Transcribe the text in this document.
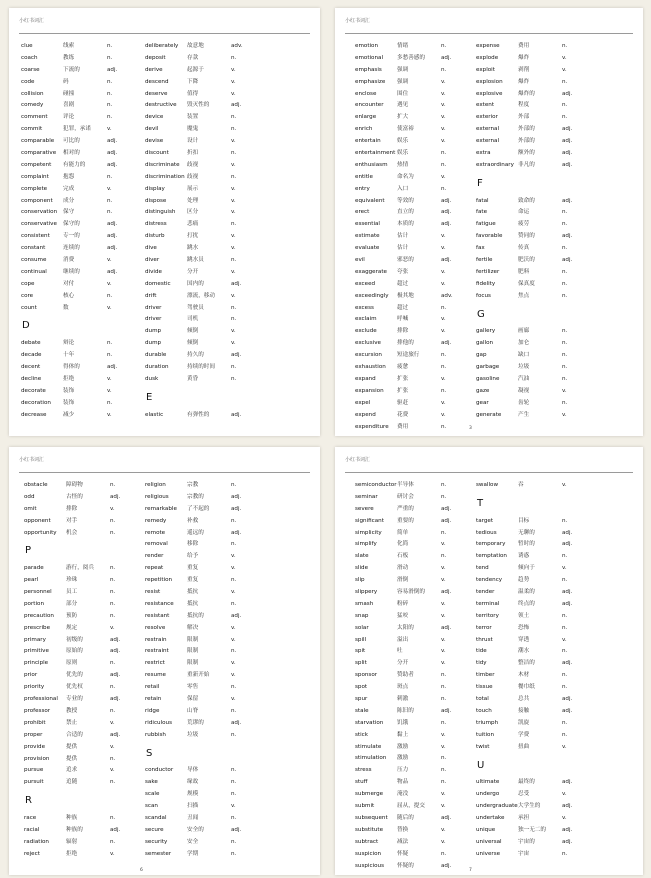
小红书词汇
clue	线索	n.
coach	教练	n.
coarse	下流的	adj.
code	码	n.
collision	碰撞	n.
comedy	喜剧	n.
comment	评论	n.
commit	犯罪，承诺	v.
comparable 可比的	adj.
comparative 相对的	adj.
competent 有能力的	adj.
complaint	抱怨	n.
complete	完成	v.
component 成分	n.
conservation 保守	n.
conservative 保守的	adj.
consistent 专一的	adj.
constant	连续的	adj.
consume	消费	v.
continual	继续的	adj.
cope	对付	v.
core	核心	n.
count	数	v.
D
debate	辩论	n.
decade	十年	n.
decent	得体的	adj.
decline	拒绝	v.
decorate	装饰	v.
decoration 装饰	n.
decrease	减少	v.
deliberately 故意地	adv.
deposit	存款	n.
derive	起源于	v.
descend	下降	v.
deserve	值得	v.
destructive 毁灭性的	adj.
device	装置	n.
devil	魔鬼	n.
devise	设计	v.
discount	折扣	n.
discriminate 歧视	v.
discrimination 歧视	n.
display	展示	v.
dispose	处理	v.
distinguish 区分	v.
distress	悲痛	n.
disturb	打扰	v.
dive	跳水	v.
diver	跳水员	n.
divide	分开	v.
domestic	国内的	adj.
drift	漂流，移动	v.
driver	驾驶员	n.
driver	司机	n.
dump	倾倒	v.
dump	倾倒	v.
durable	持久的	adj.
duration	持续的时间	n.
dusk	黄昏	n.
E
elastic	有弹性的	adj.
小红书词汇
emotion	情绪	n.
emotional 多愁善感的	adj.
emphasis	强调	n.
emphasize 强调	v.
enclose	围住	v.
encounter 遇见	v.
enlarge	扩大	v.
enrich	使富裕	v.
entertain	娱乐	v.
entertainment 娱乐	n.
enthusiasm 热情	n.
entitle	命名为	v.
entry	入口	n.
equivalent 等效的	adj.
erect	直立的	adj.
essential	本质的	adj.
estimate	估计	v.
evaluate	估计	v.
evil	邪恶的	adj.
exaggerate 夸张	v.
exceed	超过	v.
exceedingly 极其地	adv.
excess	超过	n.
exclaim	呼喊	v.
exclude	排除	v.
exclusive	排他的	adj.
excursion	短途旅行	n.
exhaustion 疲惫	n.
expand	扩张	v.
expansion 扩张	n.
expel	驱赶	v.
expend	花费	v.
expenditure 费用	n.
expense	费用	n.
explode	爆炸	v.
exploit	剥削	v.
explosion	爆炸	n.
explosive	爆炸的	adj.
extent	程度	n.
exterior	外部	n.
external	外部的	adj.
external	外部的	adj.
extra	额外的	adj.
extraordinary 非凡的	adj.
F
fatal	致命的	adj.
fate	命运	n.
fatigue	疲劳	n.
favorable	赞同的	adj.
fax	传真	n.
fertile	肥沃的	adj.
fertilizer	肥料	n.
fidelity	保真度	n.
focus	焦点	n.
G
gallery	画廊	n.
gallon	加仑	n.
gap	缺口	n.
garbage	垃圾	n.
gasoline	汽油	n.
gaze	凝视	v.
gear	齿轮	n.
generate	产生	v.
3
小红书词汇
obstacle	障碍物	n.
odd	古怪的	adj.
omit	排除	v.
opponent	对手	n.
opportunity 机会	n.
P
parade	游行，阅兵	n.
pearl	珍珠	n.
personnel	员工	n.
portion	部分	n.
precaution 预防	n.
prescribe	规定	v.
primary	初级的	adj.
primitive	原始的	adj.
principle	原则	n.
prior	优先的	adj.
priority	优先权	n.
professional 专业的	adj.
professor	教授	n.
prohibit	禁止	v.
proper	合适的	adj.
provide	提供	v.
provision	提供	n.
pursue	追求	v.
pursuit	追随	n.
R
race	种族	n.
racial	种族的	adj.
radiation	辐射	n.
reject	拒绝	v.
religion	宗教	n.
religious	宗教的	adj.
remarkable 了不起的	adj.
remedy	补救	n.
remote	遥远的	adj.
removal	移除	n.
render	给予	v.
repeat	重复	v.
repetition	重复	n.
resist	抵抗	v.
resistance 抵抗	n.
resistant	抵抗的	adj.
resolve	解决	v.
restrain	限制	v.
restraint	限制	n.
restrict	限制	v.
resume	重新开始	v.
retail	零售	n.
retain	保留	v.
ridge	山脊	n.
ridiculous	荒谬的	adj.
rubbish	垃圾	n.
S
conductor 导体	n.
sake	缘故	n.
scale	规模	n.
scan	扫描	v.
scandal	丑闻	n.
secure	安全的	adj.
security	安全	n.
semester	学期	n.
6
小红书词汇
semiconductor半导体	n.
seminar	研讨会	n.
severe	严重的	adj.
significant 重要的	adj.
simplicity	简单	n.
simplify	化简	v.
slate	石板	n.
slide	滑动	v.
slip	滑倒	v.
slippery	容易滑倒的	adj.
smash	粉碎	v.
snap	猛咬	v.
solar	太阳的	adj.
spill	溢出	v.
spit	吐	v.
split	分开	v.
sponsor	赞助者	n.
spot	斑点	n.
spur	刺激	n.
stale	陈旧的	adj.
starvation 饥饿	n.
stick	黏上	v.
stimulate	激励	v.
stimulation 激励	n.
stress	压力	n.
stuff	物品	n.
submerge 淹没	v.
submit	屈从，提交	v.
subsequent 随后的	adj.
substitute 替换	v.
subtract	减法	v.
suspicion	怀疑	n.
suspicious 怀疑的	adj.
swallow	吞	v.
T
target	目标	n.
tedious	无聊的	adj.
temporary 暂时的	adj.
temptation 诱惑	n.
tend	倾向于	v.
tendency	趋势	n.
tender	温柔的	adj.
terminal	终点的	adj.
territory	领土	n.
terror	恐怖	n.
thrust	穿透	v.
tide	潮水	n.
tidy	整洁的	adj.
timber	木材	n.
tissue	餐巾纸	n.
total	总共	adj.
touch	接触	adj.
triumph	凯旋	n.
tuition	学费	n.
twist	扭曲	v.
U
ultimate	最终的	adj.
undergo	忍受	v.
undergraduate大学生的	adj.
undertake 承担	v.
unique	独一无二的	adj.
universal	宇宙的	adj.
universe	宇宙	n.
7
